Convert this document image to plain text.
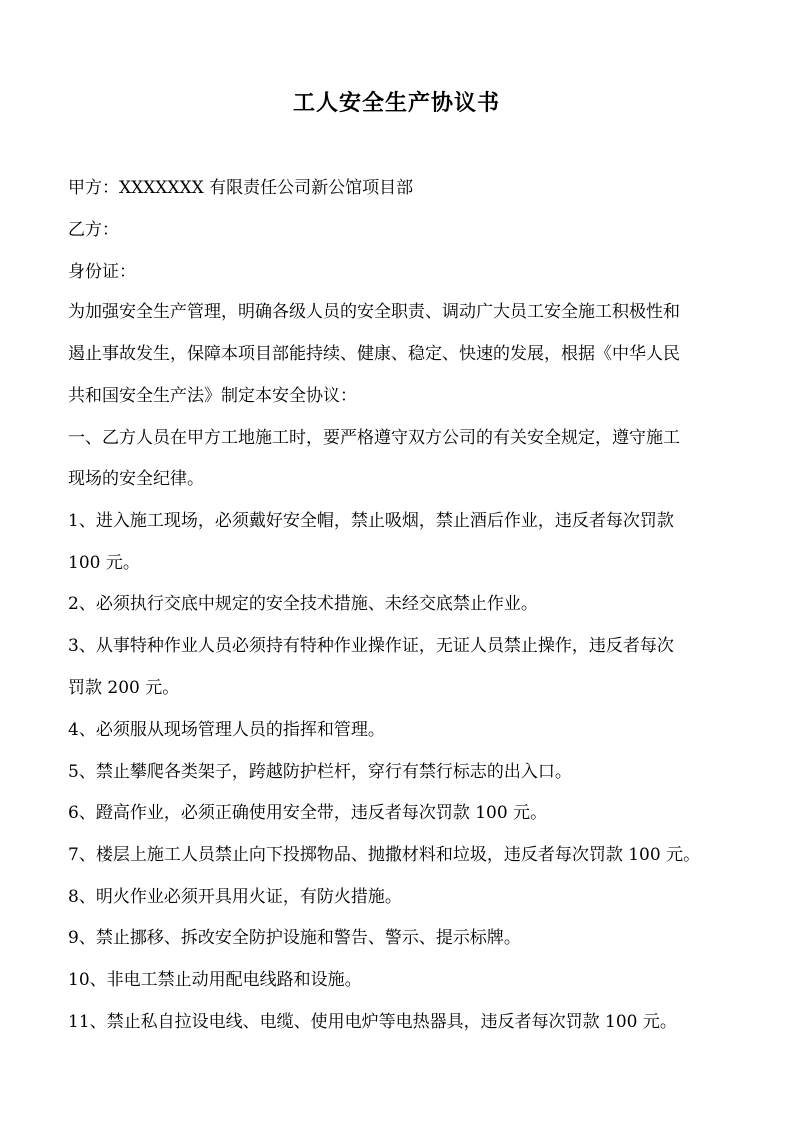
工人安全生产协议书
甲方：XXXXXXX 有限责任公司新公馆项目部
乙方：
身份证：
为加强安全生产管理，明确各级人员的安全职责、调动广大员工安全施工积极性和
遏止事故发生，保障本项目部能持续、健康、稳定、快速的发展，根据《中华人民
共和国安全生产法》制定本安全协议：
一、乙方人员在甲方工地施工时，要严格遵守双方公司的有关安全规定，遵守施工
现场的安全纪律。
1、进入施工现场，必须戴好安全帽，禁止吸烟，禁止酒后作业，违反者每次罚款
100 元。
2、必须执行交底中规定的安全技术措施、未经交底禁止作业。
3、从事特种作业人员必须持有特种作业操作证，无证人员禁止操作，违反者每次
罚款 200 元。
4、必须服从现场管理人员的指挥和管理。
5、禁止攀爬各类架子，跨越防护栏杆，穿行有禁行标志的出入口。
6、蹬高作业，必须正确使用安全带，违反者每次罚款 100 元。
7、楼层上施工人员禁止向下投掷物品、抛撒材料和垃圾，违反者每次罚款 100 元。
8、明火作业必须开具用火证，有防火措施。
9、禁止挪移、拆改安全防护设施和警告、警示、提示标牌。
10、非电工禁止动用配电线路和设施。
11、禁止私自拉设电线、电缆、使用电炉等电热器具，违反者每次罚款 100 元。
